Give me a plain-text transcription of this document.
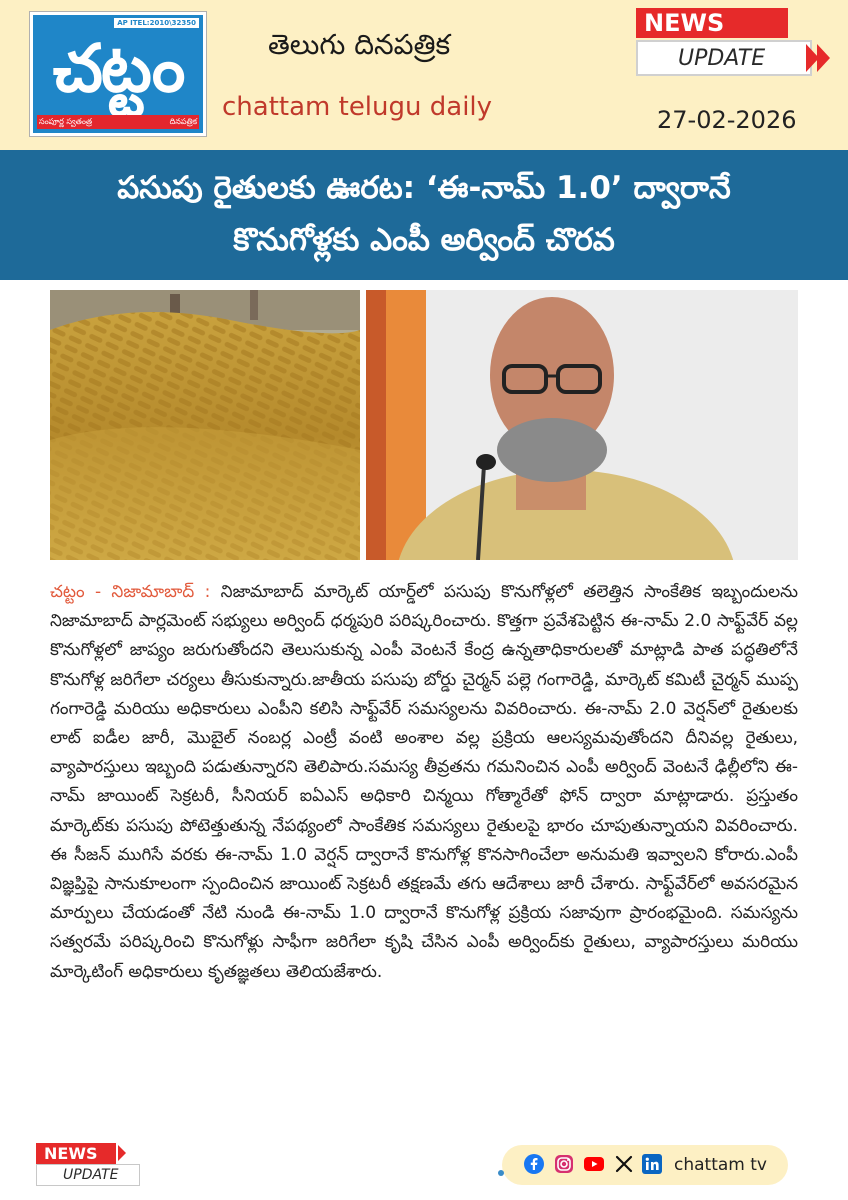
AP ITEL:2010\32350
చట్టం
సంపూర్ణ స్వతంత్ర	దినపత్రిక
తెలుగు దినపత్రిక
chattam telugu daily
NEWS
UPDATE
27-02-2026
పసుపు రైతులకు ఊరట: ‘ఈ-నామ్ 1.0’ ద్వారానే
కొనుగోళ్లకు ఎంపీ అర్వింద్ చొరవ

చట్టం - నిజామాబాద్ : నిజామాబాద్ మార్కెట్ యార్డ్‌లో పసుపు కొనుగోళ్లలో తలెత్తిన సాంకేతిక ఇబ్బందులను నిజామాబాద్ పార్లమెంట్ సభ్యులు అర్వింద్ ధర్మపురి పరిష్కరించారు. కొత్తగా ప్రవేశపెట్టిన ఈ-నామ్ 2.0 సాఫ్ట్‌వేర్ వల్ల కొనుగోళ్లలో జాప్యం జరుగుతోందని తెలుసుకున్న ఎంపీ వెంటనే కేంద్ర ఉన్నతాధికారులతో మాట్లాడి పాత పద్ధతిలోనే కొనుగోళ్ల జరిగేలా చర్యలు తీసుకున్నారు.జాతీయ పసుపు బోర్డు చైర్మన్ పల్లె గంగారెడ్డి, మార్కెట్ కమిటీ చైర్మన్ ముప్ప గంగారెడ్డి మరియు అధికారులు ఎంపీని కలిసి సాఫ్ట్‌వేర్ సమస్యలను వివరించారు. ఈ-నామ్ 2.0 వెర్షన్‌లో రైతులకు లాట్ ఐడీల జారీ, మొబైల్ నంబర్ల ఎంట్రీ వంటి అంశాల వల్ల ప్రక్రియ ఆలస్యమవుతోందని దీనివల్ల రైతులు, వ్యాపారస్తులు ఇబ్బంది పడుతున్నారని తెలిపారు.సమస్య తీవ్రతను గమనించిన ఎంపీ అర్వింద్ వెంటనే ఢిల్లీలోని ఈ-నామ్ జాయింట్ సెక్రటరీ, సీనియర్ ఐఏఎస్ అధికారి చిన్మయి గోత్మారేతో ఫోన్ ద్వారా మాట్లాడారు. ప్రస్తుతం మార్కెట్‌కు పసుపు పోటెత్తుతున్న నేపథ్యంలో సాంకేతిక సమస్యలు రైతులపై భారం చూపుతున్నాయని వివరించారు. ఈ సీజన్ ముగిసే వరకు ఈ-నామ్ 1.0 వెర్షన్ ద్వారానే కొనుగోళ్ల కొనసాగించేలా అనుమతి ఇవ్వాలని కోరారు.ఎంపీ విజ్ఞప్తిపై సానుకూలంగా స్పందించిన జాయింట్ సెక్రటరీ తక్షణమే తగు ఆదేశాలు జారీ చేశారు. సాఫ్ట్‌వేర్‌లో అవసరమైన మార్పులు చేయడంతో నేటి నుండి ఈ-నామ్ 1.0 ద్వారానే కొనుగోళ్ల ప్రక్రియ సజావుగా ప్రారంభమైంది. సమస్యను సత్వరమే పరిష్కరించి కొనుగోళ్లు సాఫీగా జరిగేలా కృషి చేసిన ఎంపీ అర్వింద్‌కు రైతులు, వ్యాపారస్తులు మరియు మార్కెటింగ్ అధికారులు కృతజ్ఞతలు తెలియజేశారు.

NEWS
UPDATE	chattam tv
